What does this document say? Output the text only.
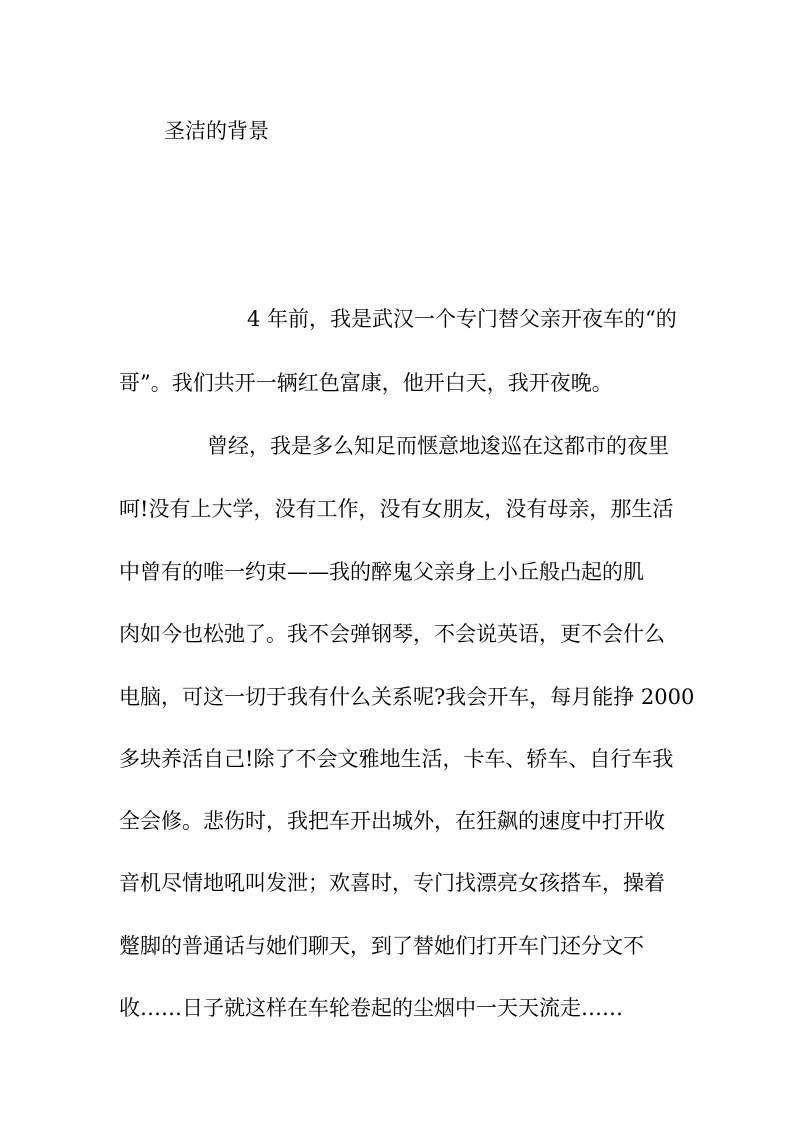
圣洁的背景
4 年前，我是武汉一个专门替父亲开夜车的“的
哥”。我们共开一辆红色富康，他开白天，我开夜晚。
曾经，我是多么知足而惬意地逡巡在这都市的夜里
呵!没有上大学，没有工作，没有女朋友，没有母亲，那生活
中曾有的唯一约束——我的醉鬼父亲身上小丘般凸起的肌
肉如今也松弛了。我不会弹钢琴，不会说英语，更不会什么
电脑，可这一切于我有什么关系呢?我会开车，每月能挣 2000
多块养活自己!除了不会文雅地生活，卡车、轿车、自行车我
全会修。悲伤时，我把车开出城外，在狂飙的速度中打开收
音机尽情地吼叫发泄；欢喜时，专门找漂亮女孩搭车，操着
蹩脚的普通话与她们聊天，到了替她们打开车门还分文不
收……日子就这样在车轮卷起的尘烟中一天天流走……
